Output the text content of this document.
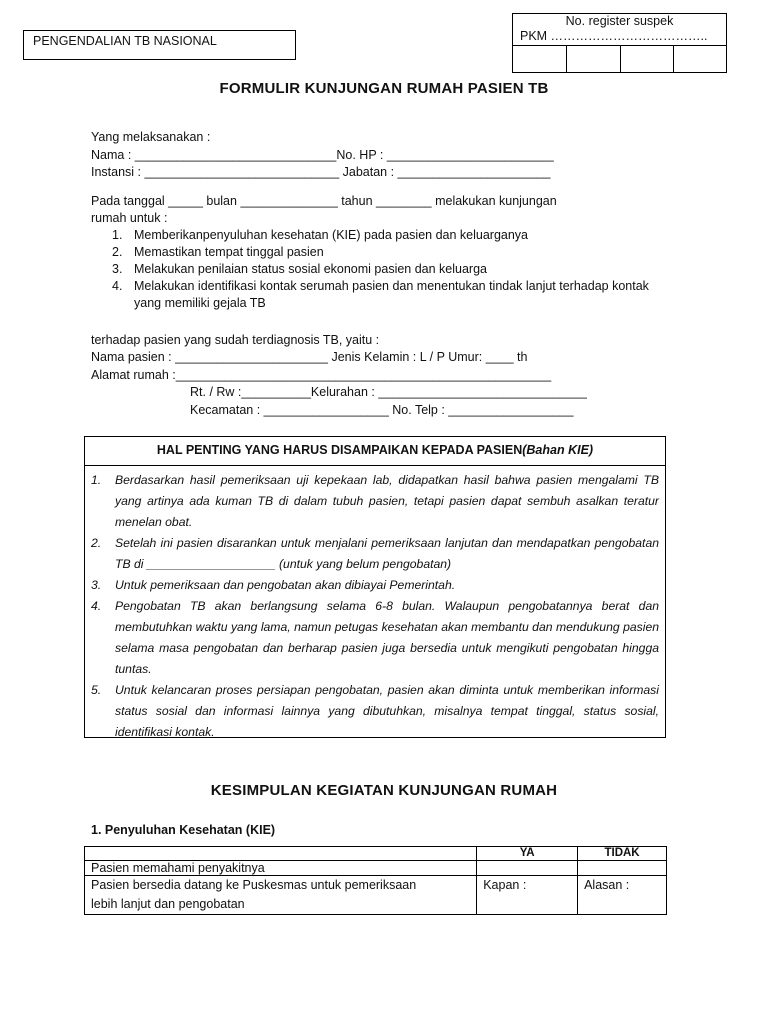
PENGENDALIAN TB NASIONAL
No. register suspek
PKM ………………………………..
FORMULIR KUNJUNGAN RUMAH PASIEN TB
Yang melaksanakan :
Nama : _____________________________No. HP : ________________________
Instansi : ____________________________ Jabatan : ______________________
Pada tanggal _____ bulan ______________ tahun ________ melakukan kunjungan
rumah untuk :
1. Memberikanpenyuluhan kesehatan (KIE) pada pasien dan keluarganya
2. Memastikan tempat tinggal pasien
3. Melakukan penilaian status sosial ekonomi pasien dan keluarga
4. Melakukan identifikasi kontak serumah pasien dan menentukan tindak lanjut terhadap kontak yang memiliki gejala TB
terhadap pasien yang sudah terdiagnosis TB, yaitu :
Nama pasien : ______________________ Jenis Kelamin : L / P Umur: ____ th
Alamat rumah :______________________________________________________
Rt. / Rw :__________Kelurahan : ______________________________
Kecamatan : __________________ No. Telp : __________________
HAL PENTING YANG HARUS DISAMPAIKAN KEPADA PASIEN(Bahan KIE)
1. Berdasarkan hasil pemeriksaan uji kepekaan lab, didapatkan hasil bahwa pasien mengalami TB yang artinya ada kuman TB di dalam tubuh pasien, tetapi pasien dapat sembuh asalkan teratur menelan obat.
2. Setelah ini pasien disarankan untuk menjalani pemeriksaan lanjutan dan mendapatkan pengobatan TB di ___________________ (untuk yang belum pengobatan)
3. Untuk pemeriksaan dan pengobatan akan dibiayai Pemerintah.
4. Pengobatan TB akan berlangsung selama 6-8 bulan. Walaupun pengobatannya berat dan membutuhkan waktu yang lama, namun petugas kesehatan akan membantu dan mendukung pasien selama masa pengobatan dan berharap pasien juga bersedia untuk mengikuti pengobatan hingga tuntas.
5. Untuk kelancaran proses persiapan pengobatan, pasien akan diminta untuk memberikan informasi status sosial dan informasi lainnya yang dibutuhkan, misalnya tempat tinggal, status sosial, identifikasi kontak.
KESIMPULAN KEGIATAN KUNJUNGAN RUMAH
1. Penyuluhan Kesehatan (KIE)
	YA	TIDAK
Pasien memahami penyakitnya		

Pasien bersedia datang ke Puskesmas untuk pemeriksaan
lebih lanjut dan pengobatan	Kapan :	Alasan :
